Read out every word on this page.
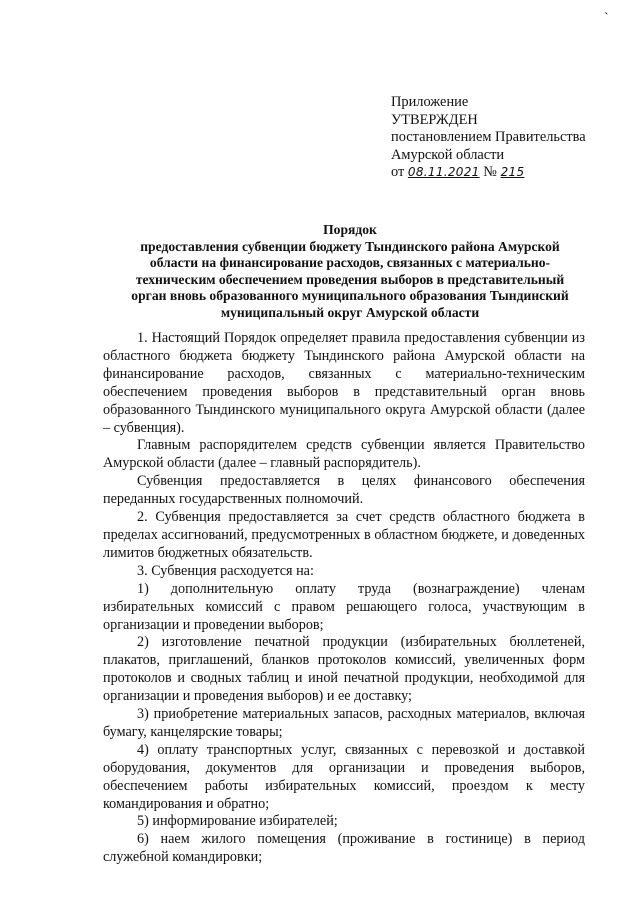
`
Приложение
УТВЕРЖДЕН
постановлением Правительства
Амурской области
от 08.11.2021 № 215
Порядок
предоставления субвенции бюджету Тындинского района Амурской
области на финансирование расходов, связанных с материально-
техническим обеспечением проведения выборов в представительный
орган вновь образованного муниципального образования Тындинский
муниципальный округ Амурской области

1. Настоящий Порядок определяет правила предоставления субвенции из областного бюджета бюджету Тындинского района Амурской области на финансирование расходов, связанных с материально-техническим обеспечением проведения выборов в представительный орган вновь образованного Тындинского муниципального округа Амурской области (далее – субвенция).

Главным распорядителем средств субвенции является Правительство Амурской области (далее – главный распорядитель).

Субвенция предоставляется в целях финансового обеспечения переданных государственных полномочий.

2. Субвенция предоставляется за счет средств областного бюджета в пределах ассигнований, предусмотренных в областном бюджете, и доведенных лимитов бюджетных обязательств.

3. Субвенция расходуется на:

1) дополнительную оплату труда (вознаграждение) членам избирательных комиссий с правом решающего голоса, участвующим в организации и проведении выборов;

2) изготовление печатной продукции (избирательных бюллетеней, плакатов, приглашений, бланков протоколов комиссий, увеличенных форм протоколов и сводных таблиц и иной печатной продукции, необходимой для организации и проведения выборов) и ее доставку;

3) приобретение материальных запасов, расходных материалов, включая бумагу, канцелярские товары;

4) оплату транспортных услуг, связанных с перевозкой и доставкой оборудования, документов для организации и проведения выборов, обеспечением работы избирательных комиссий, проездом к месту командирования и обратно;

5) информирование избирателей;

6) наем жилого помещения (проживание в гостинице) в период служебной командировки;
